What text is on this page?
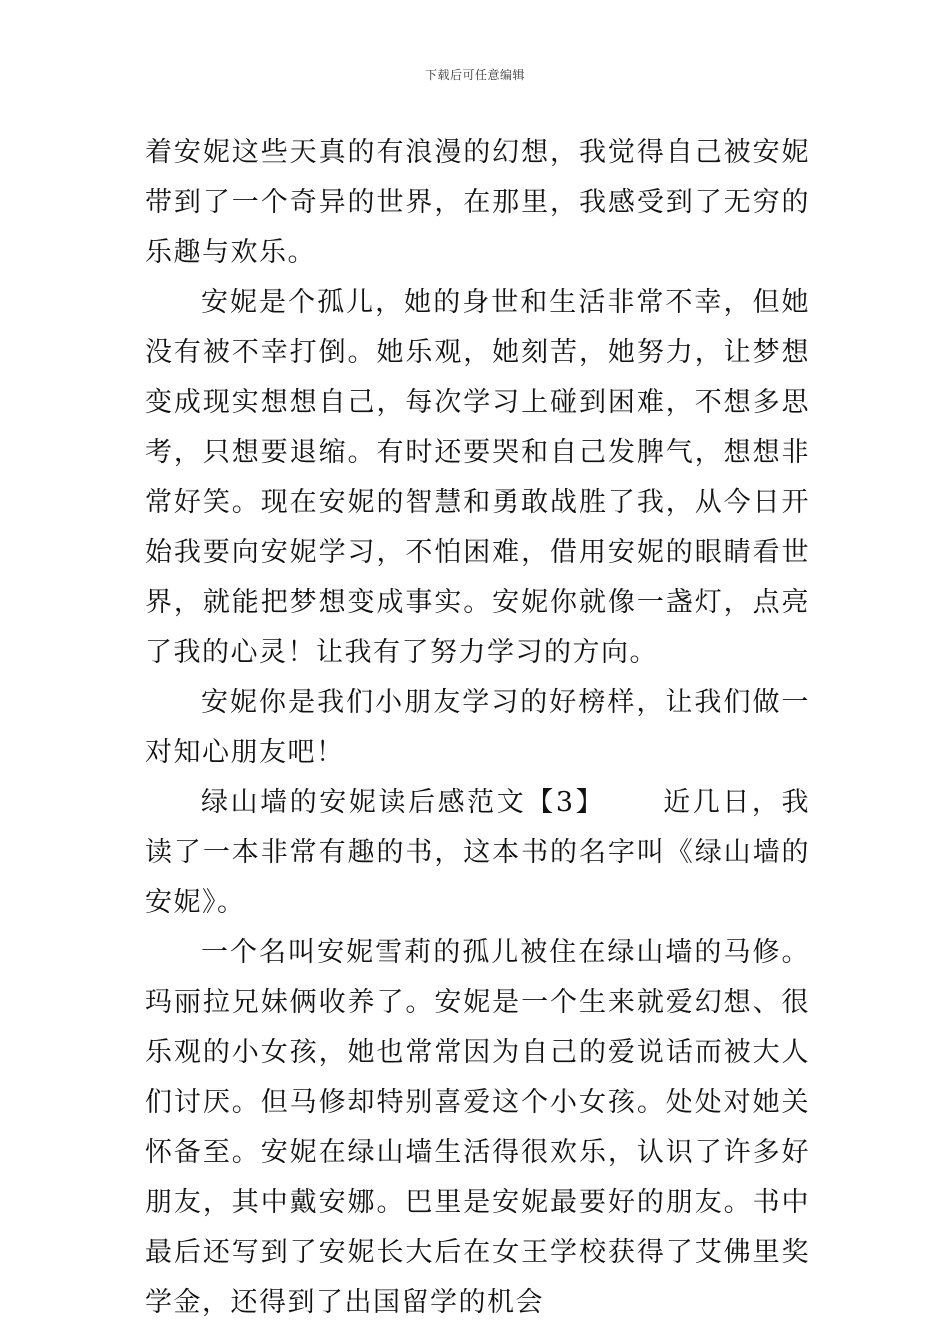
下载后可任意编辑

着安妮这些天真的有浪漫的幻想，我觉得自己被安妮带到了一个奇异的世界，在那里，我感受到了无穷的乐趣与欢乐。

安妮是个孤儿，她的身世和生活非常不幸，但她没有被不幸打倒。她乐观，她刻苦，她努力，让梦想变成现实想想自己，每次学习上碰到困难，不想多思考，只想要退缩。有时还要哭和自己发脾气，想想非常好笑。现在安妮的智慧和勇敢战胜了我，从今日开始我要向安妮学习，不怕困难，借用安妮的眼睛看世界，就能把梦想变成事实。安妮你就像一盏灯，点亮了我的心灵！让我有了努力学习的方向。

安妮你是我们小朋友学习的好榜样，让我们做一对知心朋友吧！

绿山墙的安妮读后感范文【3】 近几日，我读了一本非常有趣的书，这本书的名字叫《绿山墙的安妮》。

一个名叫安妮雪莉的孤儿被住在绿山墙的马修。玛丽拉兄妹俩收养了。安妮是一个生来就爱幻想、很乐观的小女孩，她也常常因为自己的爱说话而被大人们讨厌。但马修却特别喜爱这个小女孩。处处对她关怀备至。安妮在绿山墙生活得很欢乐，认识了许多好朋友，其中戴安娜。巴里是安妮最要好的朋友。书中最后还写到了安妮长大后在女王学校获得了艾佛里奖学金，还得到了出国留学的机会
